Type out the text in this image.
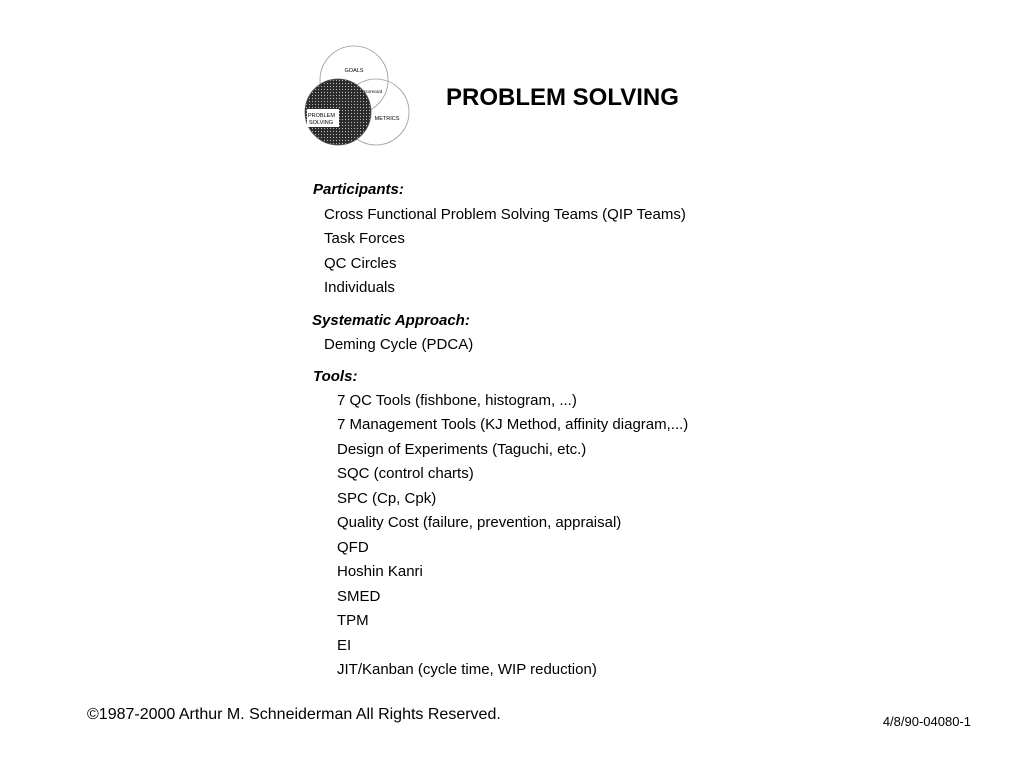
GOALS
scorecard
METRICS
PROBLEM
SOLVING
PROBLEM SOLVING
Participants:
Cross Functional Problem Solving Teams (QIP Teams)
Task Forces
QC Circles
Individuals
Systematic Approach:
Deming Cycle (PDCA)
Tools:
7 QC Tools (fishbone, histogram, ...)
7 Management Tools (KJ Method, affinity diagram,...)
Design of Experiments (Taguchi, etc.)
SQC (control charts)
SPC (Cp, Cpk)
Quality Cost (failure, prevention, appraisal)
QFD
Hoshin Kanri
SMED
TPM
EI
JIT/Kanban (cycle time, WIP reduction)
©1987-2000 Arthur M. Schneiderman All Rights Reserved.	4/8/90-04080-1
